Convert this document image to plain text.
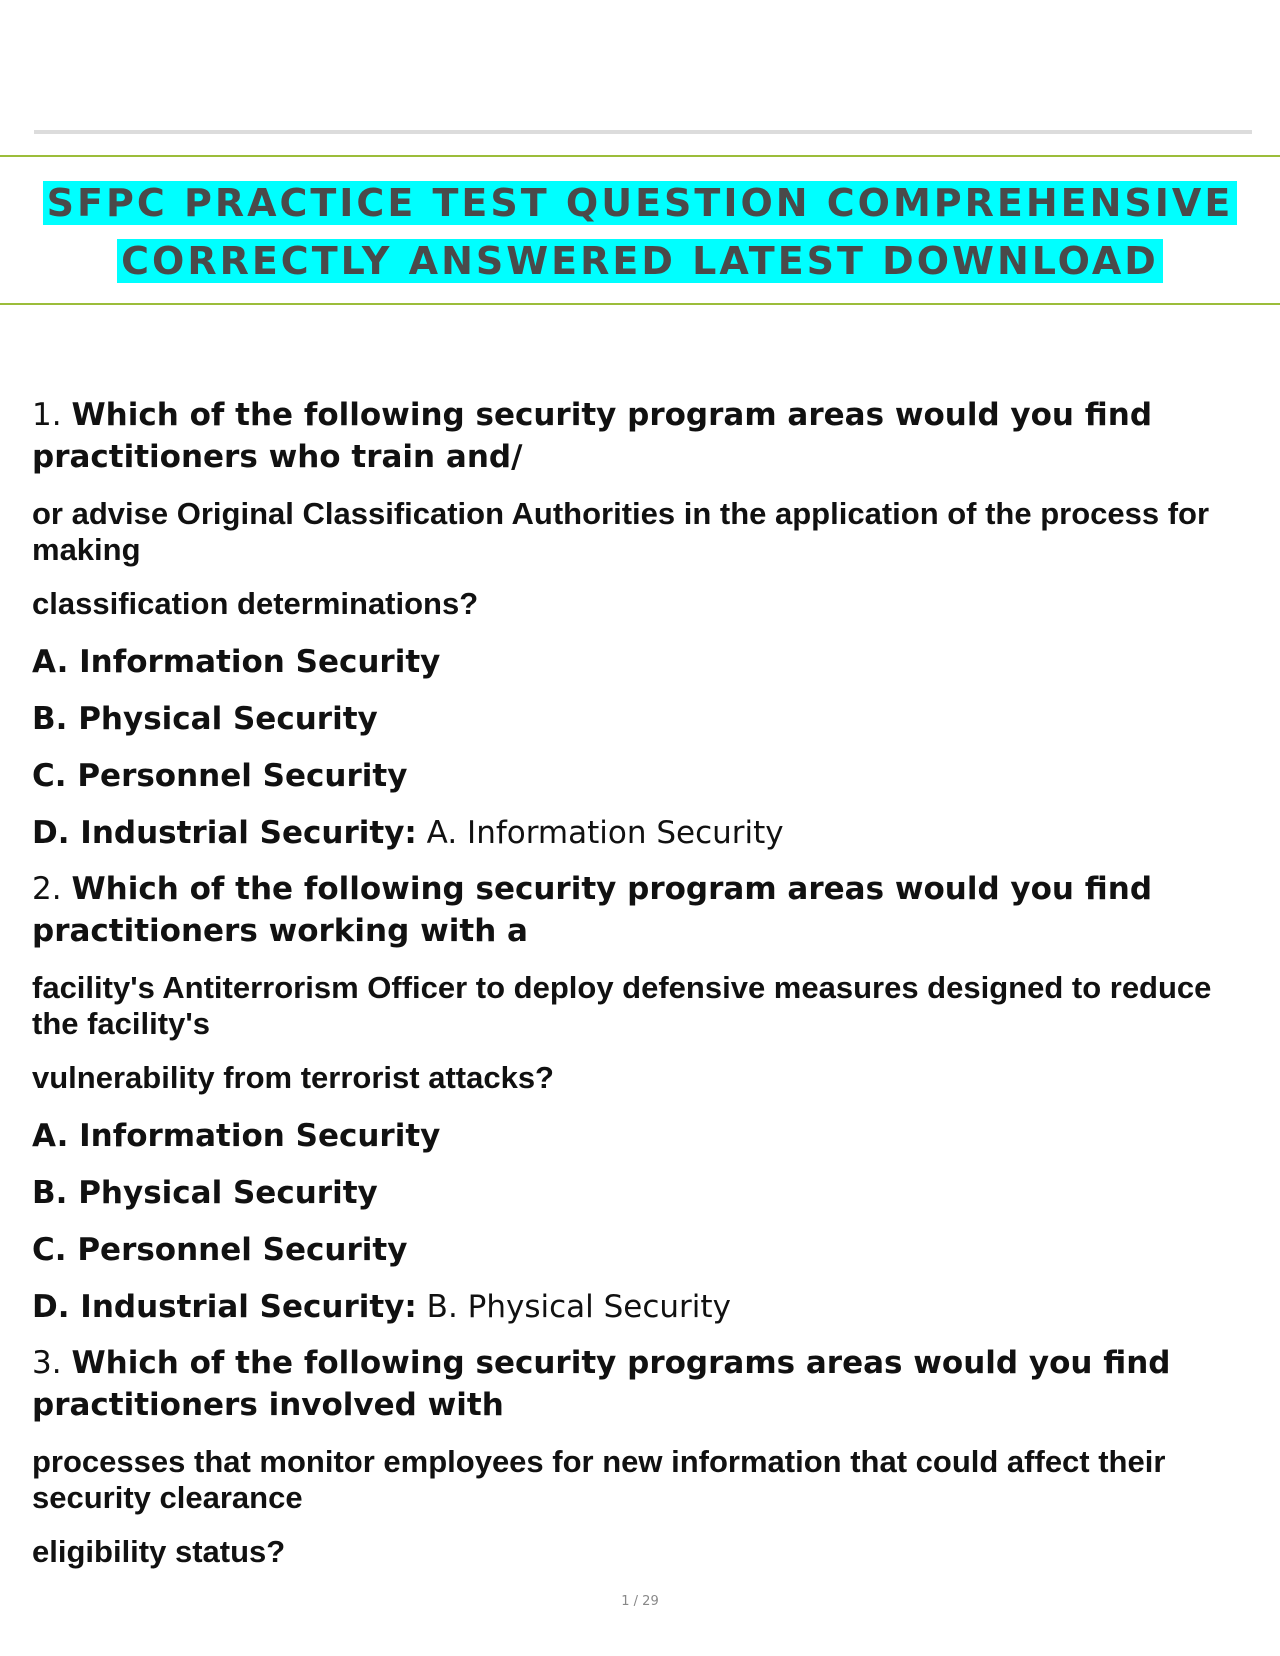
SFPC PRACTICE TEST QUESTION COMPREHENSIVE
CORRECTLY ANSWERED LATEST DOWNLOAD
1. Which of the following security program areas would you find practitioners who train and/
or advise Original Classification Authorities in the application of the process for making
classification determinations?
A. Information Security
B. Physical Security
C. Personnel Security
D. Industrial Security: A. Information Security
2. Which of the following security program areas would you find practitioners working with a
facility's Antiterrorism Officer to deploy defensive measures designed to reduce the facility's
vulnerability from terrorist attacks?
A. Information Security
B. Physical Security
C. Personnel Security
D. Industrial Security: B. Physical Security
3. Which of the following security programs areas would you find practitioners involved with
processes that monitor employees for new information that could affect their security clearance
eligibility status?
1 / 29
